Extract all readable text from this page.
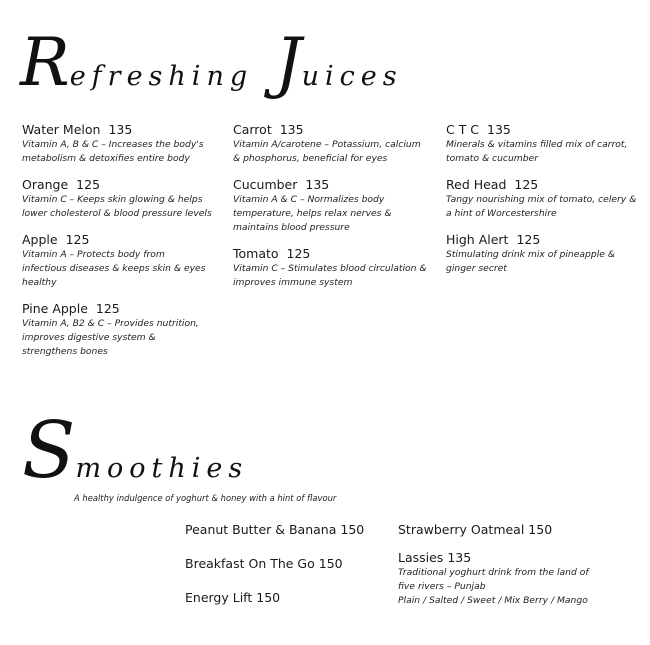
Refreshing Juices
Water Melon 135
Vitamin A, B & C – Increases the body's metabolism & detoxifies entire body
Orange 125
Vitamin C – Keeps skin glowing & helps lower cholesterol & blood pressure levels
Apple 125
Vitamin A – Protects body from infectious diseases & keeps skin & eyes healthy
Pine Apple 125
Vitamin A, B2 & C – Provides nutrition, improves digestive system & strengthens bones
Carrot 135
Vitamin A/carotene – Potassium, calcium & phosphorus, beneficial for eyes
Cucumber 135
Vitamin A & C – Normalizes body temperature, helps relax nerves & maintains blood pressure
Tomato 125
Vitamin C – Stimulates blood circulation & improves immune system
C T C 135
Minerals & vitamins filled mix of carrot, tomato & cucumber
Red Head 125
Tangy nourishing mix of tomato, celery & a hint of Worcestershire
High Alert 125
Stimulating drink mix of pineapple & ginger secret
Smoothies
A healthy indulgence of yoghurt & honey with a hint of flavour
Peanut Butter & Banana 150
Breakfast On The Go 150
Energy Lift 150
Strawberry Oatmeal 150
Lassies 135
Traditional yoghurt drink from the land of five rivers – Punjab
Plain / Salted / Sweet / Mix Berry / Mango
